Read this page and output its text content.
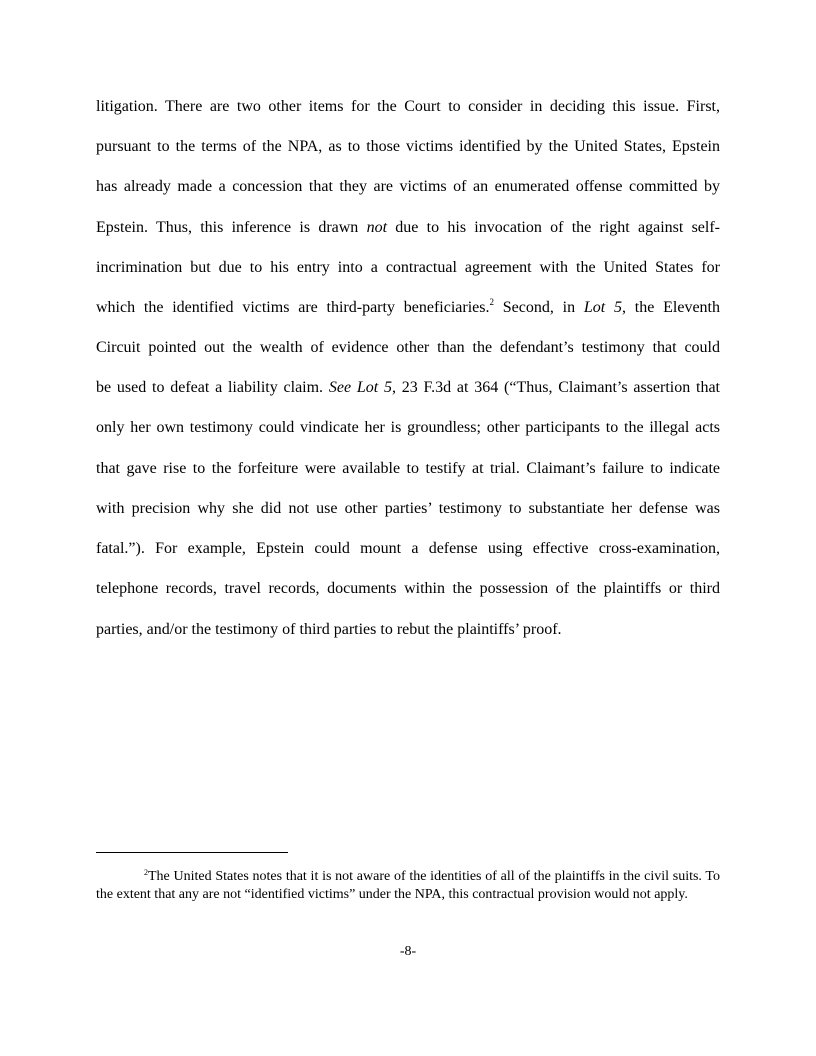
litigation. There are two other items for the Court to consider in deciding this issue. First,
pursuant to the terms of the NPA, as to those victims identified by the United States, Epstein
has already made a concession that they are victims of an enumerated offense committed by
Epstein. Thus, this inference is drawn not due to his invocation of the right against self-
incrimination but due to his entry into a contractual agreement with the United States for
which the identified victims are third-party beneficiaries.$^2$ Second, in Lot 5, the Eleventh
Circuit pointed out the wealth of evidence other than the defendant’s testimony that could
be used to defeat a liability claim. See Lot 5, 23 F.3d at 364 (“Thus, Claimant’s assertion that
only her own testimony could vindicate her is groundless; other participants to the illegal acts
that gave rise to the forfeiture were available to testify at trial. Claimant’s failure to indicate
with precision why she did not use other parties’ testimony to substantiate her defense was
fatal.”). For example, Epstein could mount a defense using effective cross-examination,
telephone records, travel records, documents within the possession of the plaintiffs or third
parties, and/or the testimony of third parties to rebut the plaintiffs’ proof.
$^2$The United States notes that it is not aware of the identities of all of the plaintiffs in the civil suits. To the extent that any are not “identified victims” under the NPA, this contractual provision would not apply.
-8-
